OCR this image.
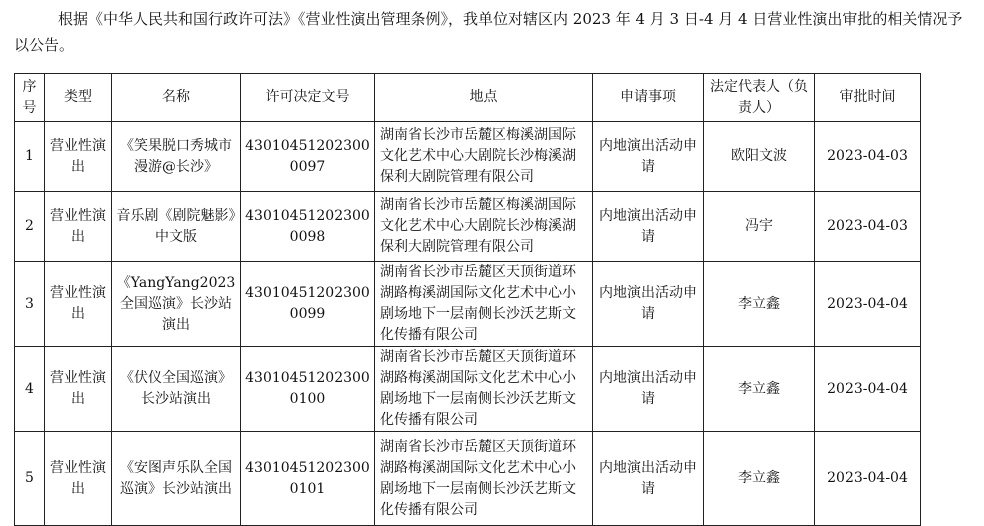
根据《中华人民共和国行政许可法》《营业性演出管理条例》，我单位对辖区内 2023 年 4 月 3 日-4 月 4 日营业性演出审批的相关情况予以公告。

序号	类型	名称	许可决定文号	地点	申请事项	法定代表人（负责人）	审批时间
1	营业性演出	《笑果脱口秀城市漫游@长沙》	430104512023000097	湖南省长沙市岳麓区梅溪湖国际文化艺术中心大剧院长沙梅溪湖保利大剧院管理有限公司	内地演出活动申请	欧阳文波	2023-04-03
2	营业性演出	音乐剧《剧院魅影》中文版	430104512023000098	湖南省长沙市岳麓区梅溪湖国际文化艺术中心大剧院长沙梅溪湖保利大剧院管理有限公司	内地演出活动申请	冯宇	2023-04-03
3	营业性演出	《YangYang2023全国巡演》长沙站演出	430104512023000099	湖南省长沙市岳麓区天顶街道环湖路梅溪湖国际文化艺术中心小剧场地下一层南侧长沙沃艺斯文化传播有限公司	内地演出活动申请	李立鑫	2023-04-04
4	营业性演出	《伏仪全国巡演》长沙站演出	430104512023000100	湖南省长沙市岳麓区天顶街道环湖路梅溪湖国际文化艺术中心小剧场地下一层南侧长沙沃艺斯文化传播有限公司	内地演出活动申请	李立鑫	2023-04-04
5	营业性演出	《安图声乐队全国巡演》长沙站演出	430104512023000101	湖南省长沙市岳麓区天顶街道环湖路梅溪湖国际文化艺术中心小剧场地下一层南侧长沙沃艺斯文化传播有限公司	内地演出活动申请	李立鑫	2023-04-04
